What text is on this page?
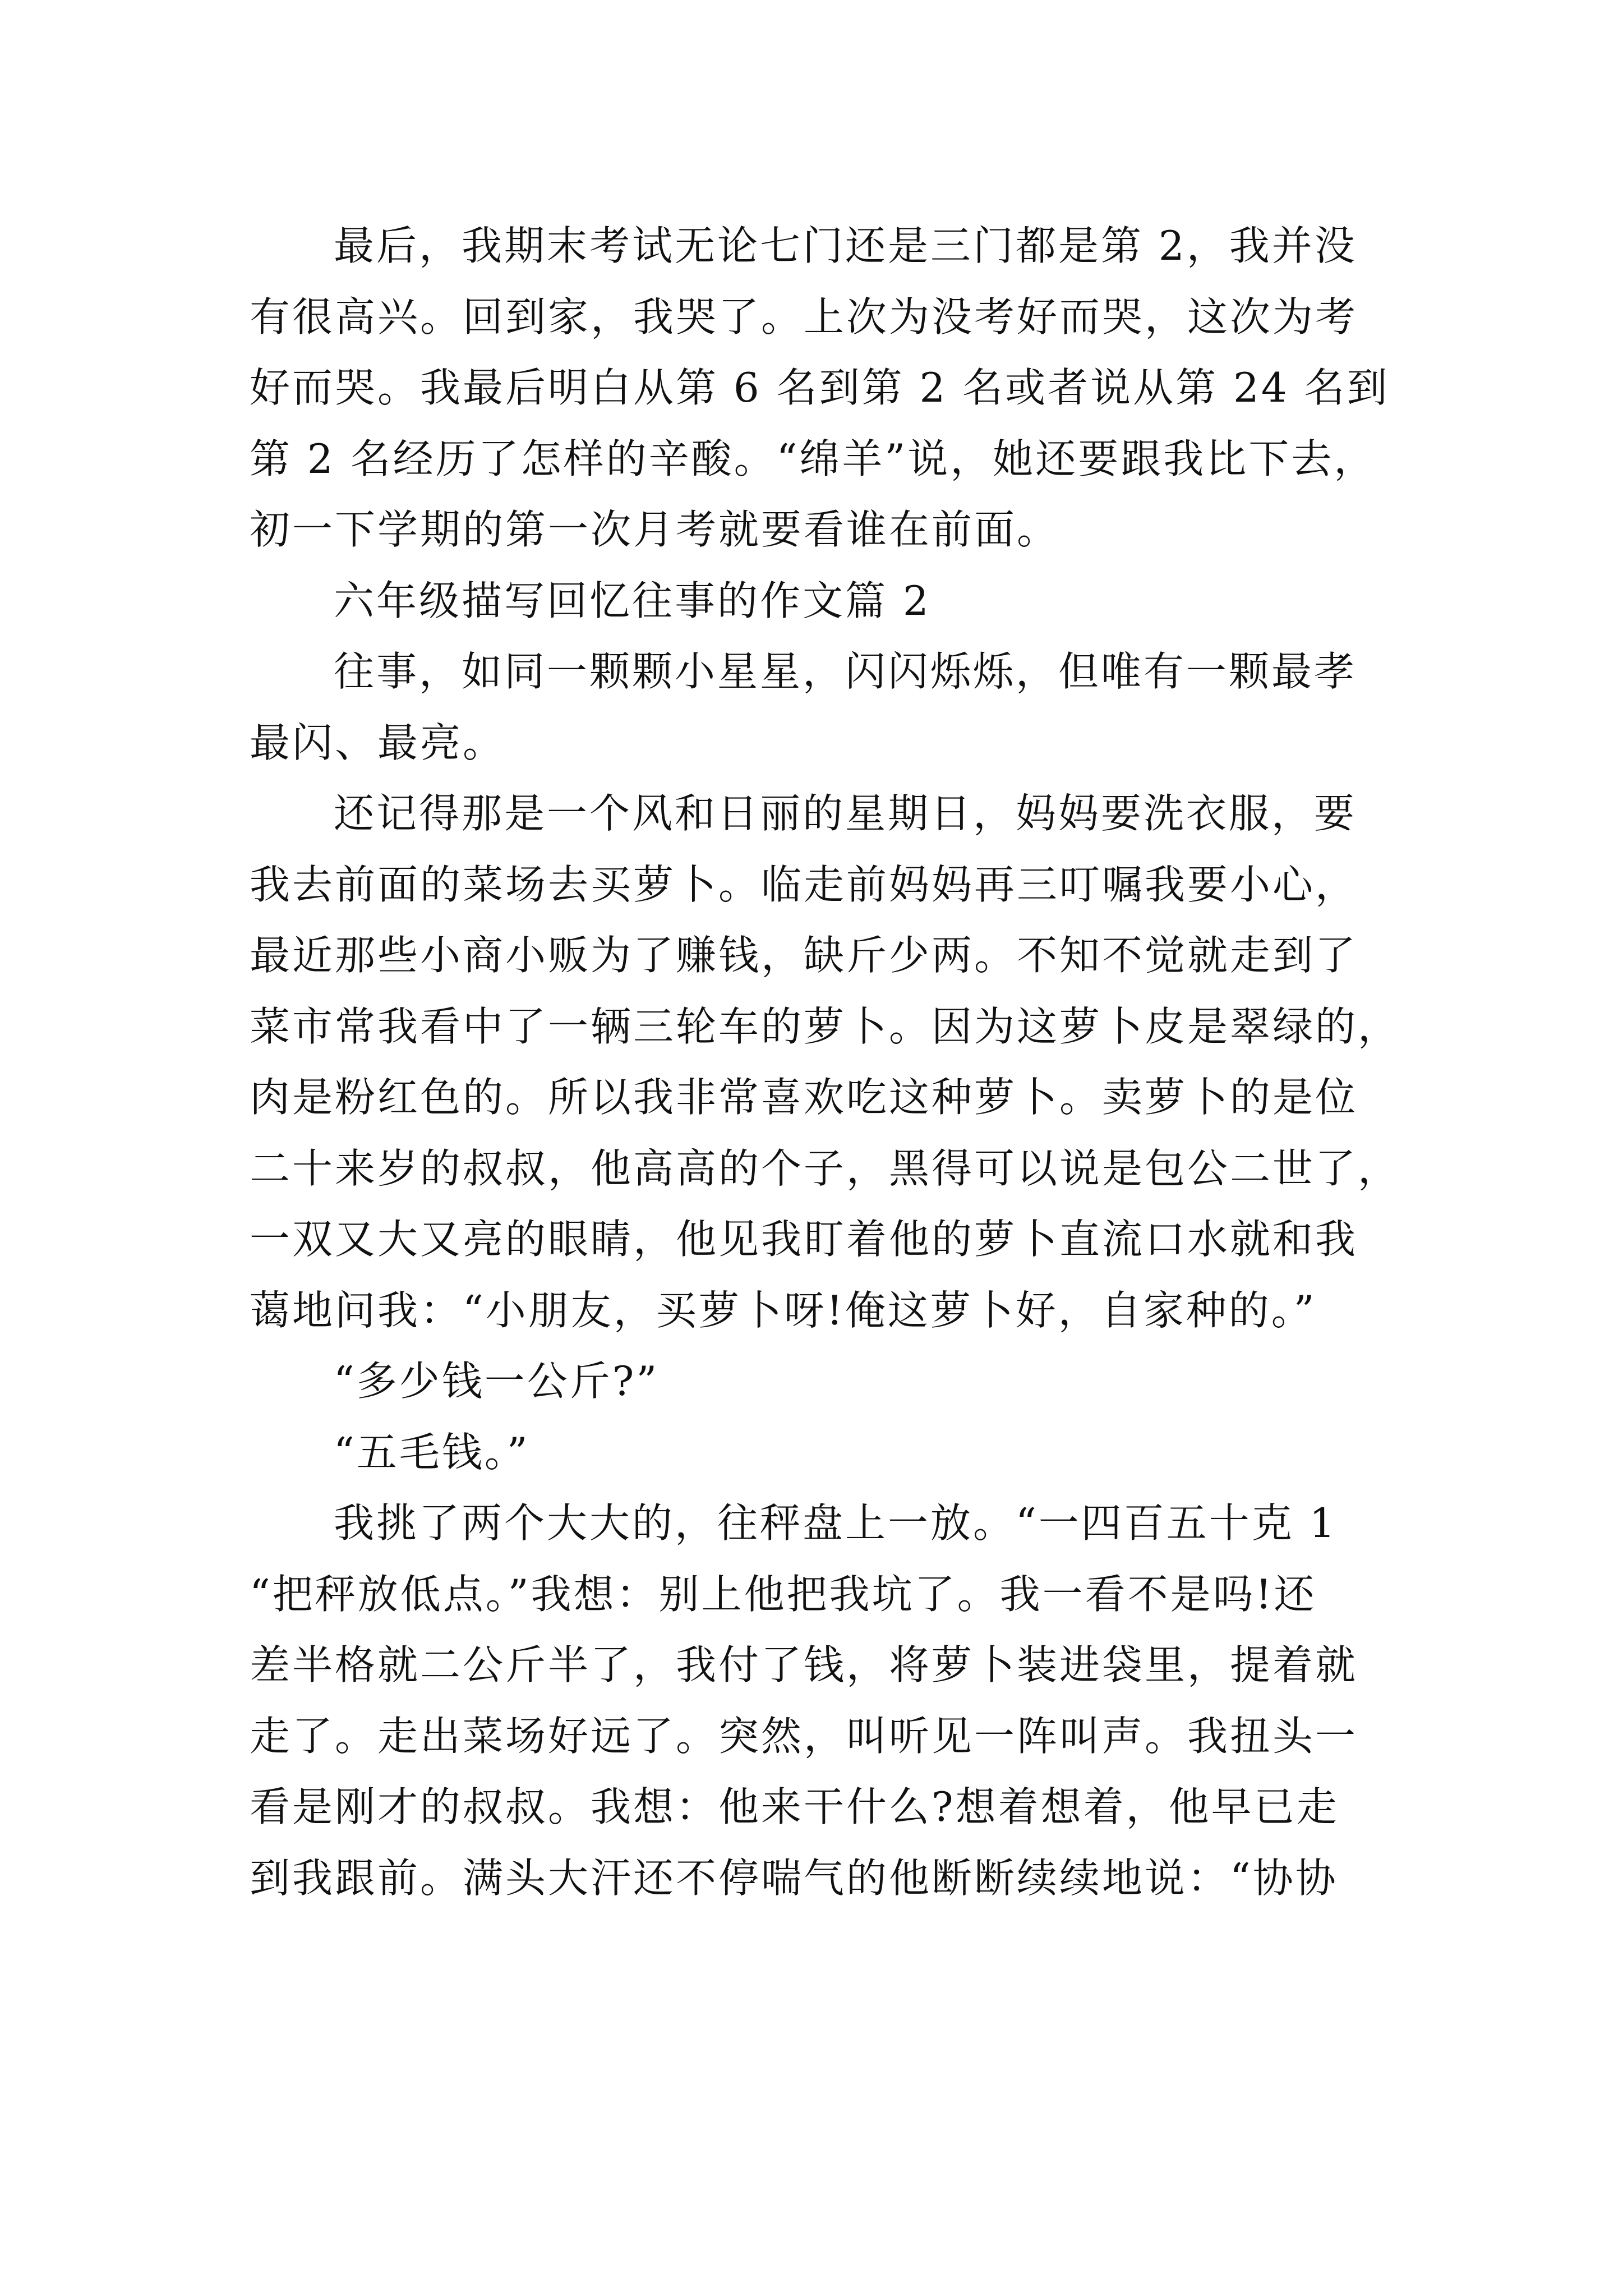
最后，我期末考试无论七门还是三门都是第 2，我并没
有很高兴。回到家，我哭了。上次为没考好而哭，这次为考
好而哭。我最后明白从第 6 名到第 2 名或者说从第 24 名到
第 2 名经历了怎样的辛酸。“绵羊”说，她还要跟我比下去，
初一下学期的第一次月考就要看谁在前面。
六年级描写回忆往事的作文篇 2
往事，如同一颗颗小星星，闪闪烁烁，但唯有一颗最孝
最闪、最亮。
还记得那是一个风和日丽的星期日，妈妈要洗衣服，要
我去前面的菜场去买萝卜。临走前妈妈再三叮嘱我要小心，
最近那些小商小贩为了赚钱，缺斤少两。不知不觉就走到了
菜市常我看中了一辆三轮车的萝卜。因为这萝卜皮是翠绿的，
肉是粉红色的。所以我非常喜欢吃这种萝卜。卖萝卜的是位
二十来岁的叔叔，他高高的个子，黑得可以说是包公二世了，
一双又大又亮的眼睛，他见我盯着他的萝卜直流口水就和我
蔼地问我：“小朋友，买萝卜呀!俺这萝卜好，自家种的。”
“多少钱一公斤?”
“五毛钱。”
我挑了两个大大的，往秤盘上一放。“一四百五十克 1
“把秤放低点。”我想：别上他把我坑了。我一看不是吗!还
差半格就二公斤半了，我付了钱，将萝卜装进袋里，提着就
走了。走出菜场好远了。突然，叫听见一阵叫声。我扭头一
看是刚才的叔叔。我想：他来干什么?想着想着，他早已走
到我跟前。满头大汗还不停喘气的他断断续续地说：“协协
